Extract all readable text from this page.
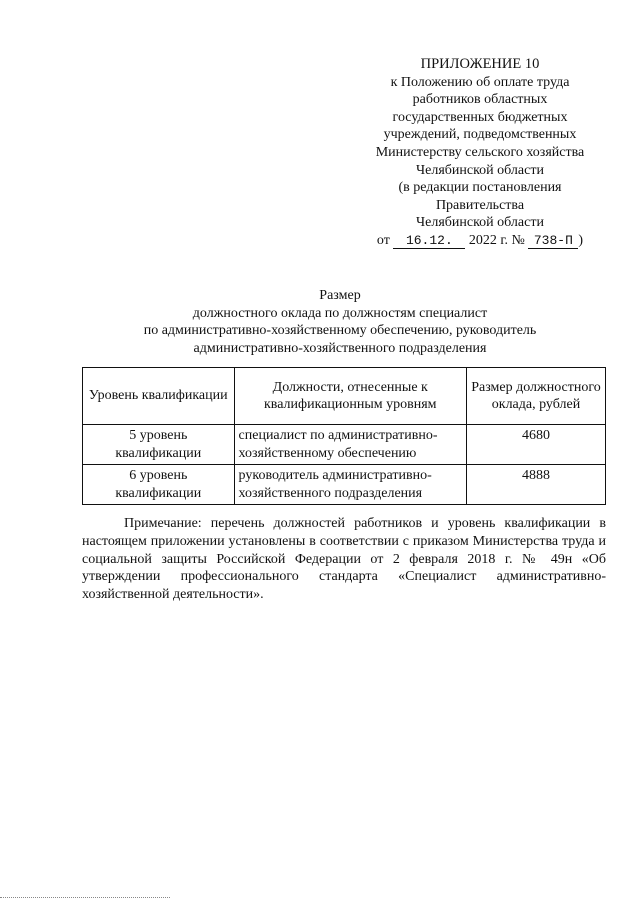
ПРИЛОЖЕНИЕ 10
к Положению об оплате труда
работников областных
государственных бюджетных
учреждений, подведомственных
Министерству сельского хозяйства
Челябинской области
(в редакции постановления
Правительства
Челябинской области
от 16.12. 2022 г. № 738-П )
Размер
должностного оклада по должностям специалист
по административно-хозяйственному обеспечению, руководитель
административно-хозяйственного подразделения
Уровень квалификации	Должности, отнесенные к квалификационным уровням	Размер должностного оклада, рублей
5 уровень квалификации	специалист по административно-хозяйственному обеспечению	4680
6 уровень квалификации	руководитель административно-хозяйственного подразделения	4888
Примечание: перечень должностей работников и уровень квалификации в настоящем приложении установлены в соответствии с приказом Министерства труда и социальной защиты Российской Федерации от 2 февраля 2018 г. № 49н «Об утверждении профессионального стандарта «Специалист административно-хозяйственной деятельности».
